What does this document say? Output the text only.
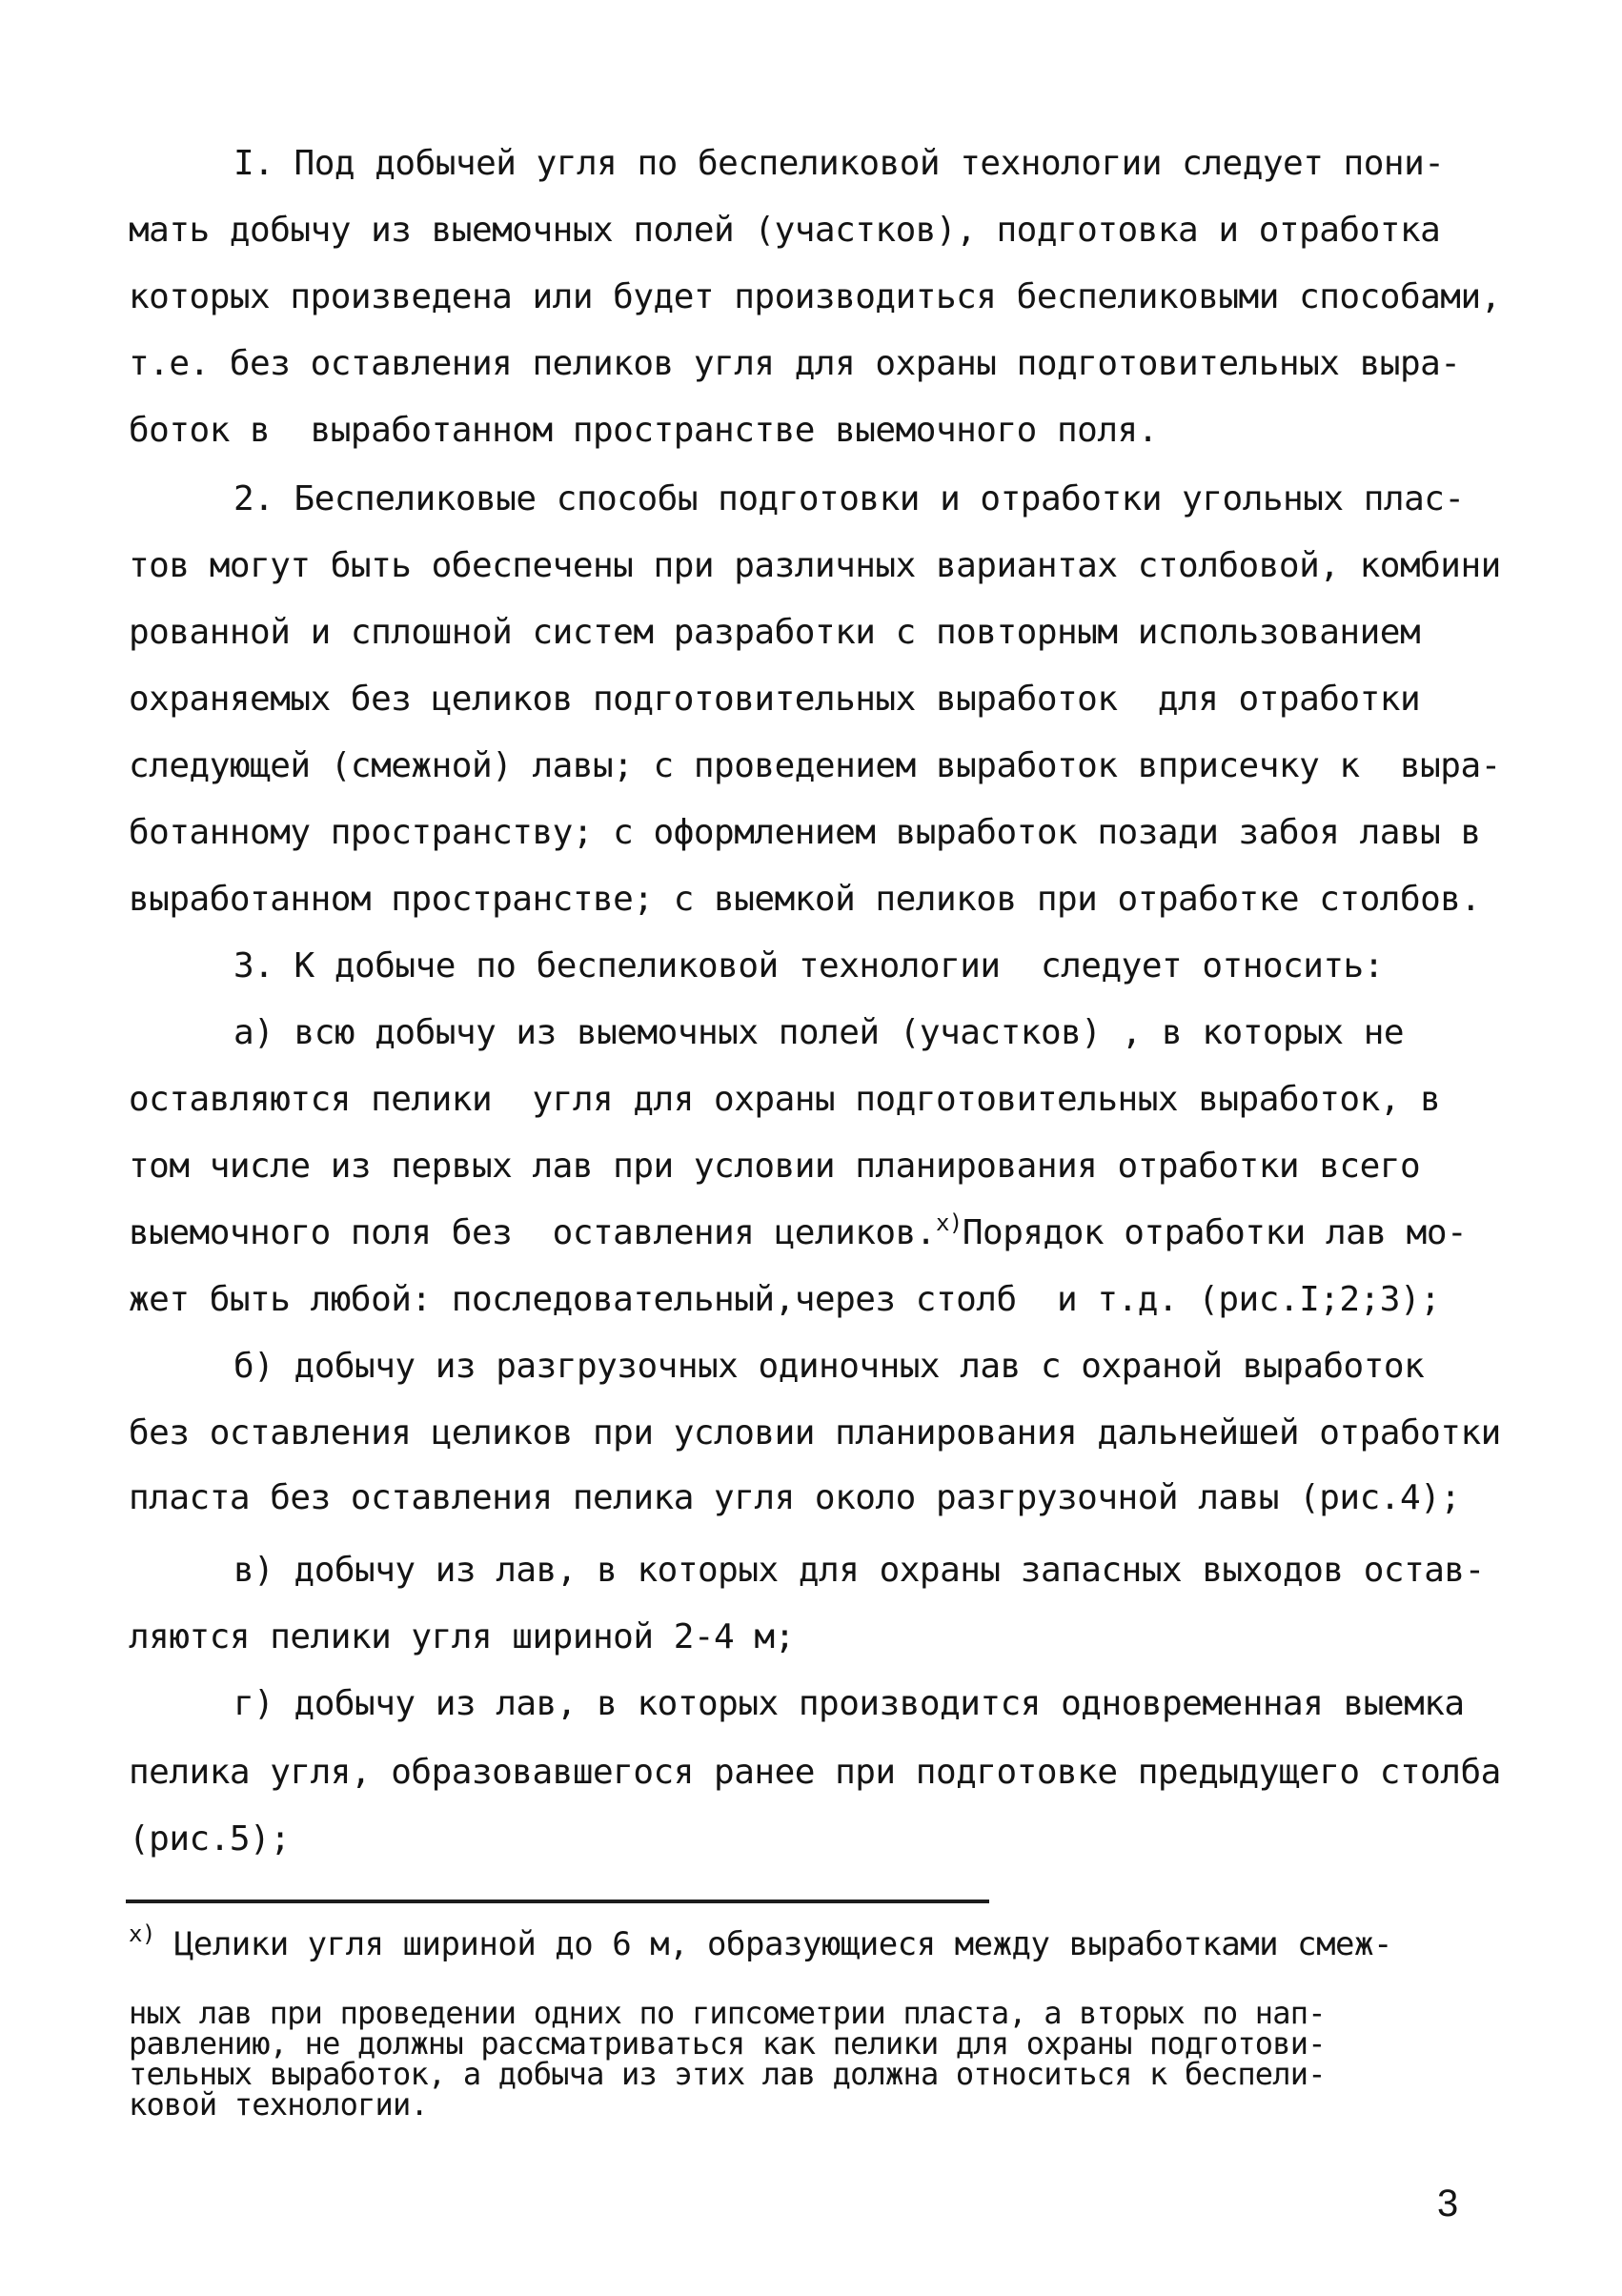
I. Под добычей угля по беспеликовой технологии следует пони-
мать добычу из выемочных полей (участков), подготовка и отработка
которых произведена или будет производиться беспеликовыми способами,
т.е. без оставления пеликов угля для охраны подготовительных выра-
боток в  выработанном пространстве выемочного поля.
2. Беспеликовые способы подготовки и отработки угольных плас-
тов могут быть обеспечены при различных вариантах столбовой, комбини
рованной и сплошной систем разработки с повторным использованием
охраняемых без целиков подготовительных выработок  для отработки
следующей (смежной) лавы; с проведением выработок вприсечку к  выра-
ботанному пространству; с оформлением выработок позади забоя лавы в
выработанном пространстве; с выемкой пеликов при отработке столбов.
3. К добыче по беспеликовой технологии  следует относить:
а) всю добычу из выемочных полей (участков) , в которых не
оставляются пелики  угля для охраны подготовительных выработок, в
том числе из первых лав при условии планирования отработки всего
выемочного поля без  оставления целиков.$^{x)}$Порядок отработки лав мо-
жет быть любой: последовательный,через столб  и т.д. (рис.I;2;3);
б) добычу из разгрузочных одиночных лав с охраной выработок
без оставления целиков при условии планирования дальнейшей отработки
пласта без оставления пелика угля около разгрузочной лавы (рис.4);
в) добычу из лав, в которых для охраны запасных выходов остав-
ляются пелики угля шириной 2-4 м;
г) добычу из лав, в которых производится одновременная выемка
пелика угля, образовавшегося ранее при подготовке предыдущего столба
(рис.5);
$^{x)}$ Целики угля шириной до 6 м, образующиеся между выработками смеж-
ных лав при проведении одних по гипсометрии пласта, а вторых по нап-
равлению, не должны рассматриваться как пелики для охраны подготови-
тельных выработок, а добыча из этих лав должна относиться к беспели-
ковой технологии.
3
